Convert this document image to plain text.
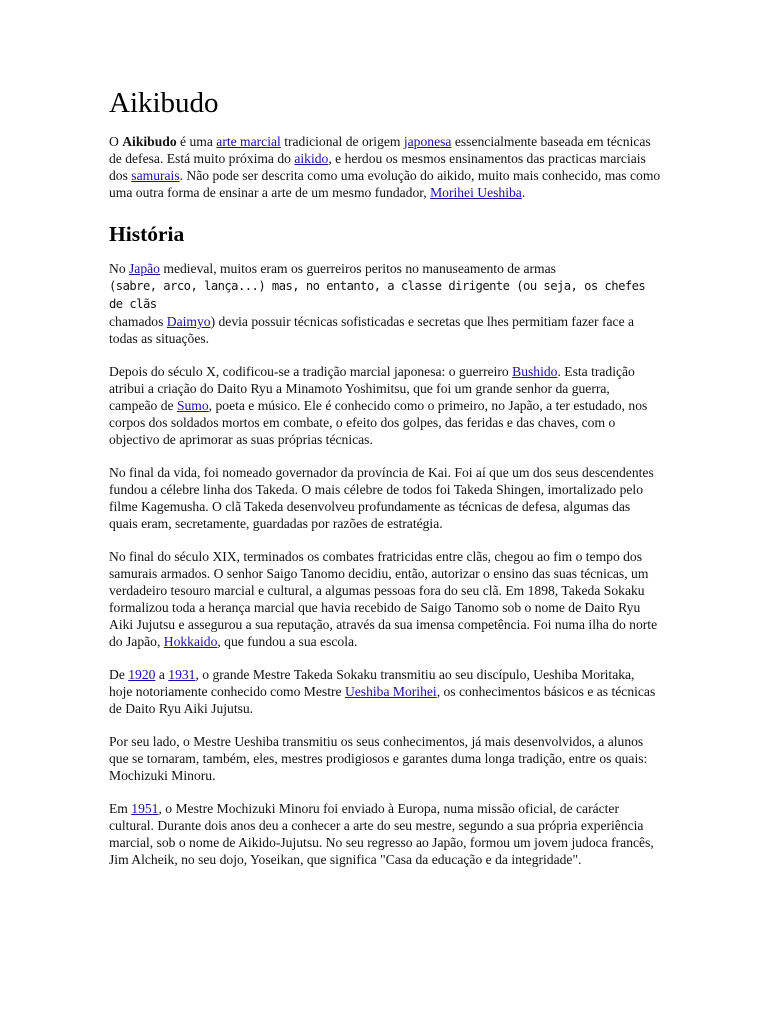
Aikibudo

O Aikibudo é uma arte marcial tradicional de origem japonesa essencialmente baseada em técnicas de defesa. Está muito próxima do aikido, e herdou os mesmos ensinamentos das practicas marciais dos samurais. Não pode ser descrita como uma evolução do aikido, muito mais conhecido, mas como uma outra forma de ensinar a arte de um mesmo fundador, Morihei Ueshiba.

História

No Japão medieval, muitos eram os guerreiros peritos no manuseamento de armas
(sabre, arco, lança...) mas, no entanto, a classe dirigente (ou seja, os chefes de clãs
chamados Daimyo) devia possuir técnicas sofisticadas e secretas que lhes permitiam fazer face a todas as situações.

Depois do século X, codificou-se a tradição marcial japonesa: o guerreiro Bushido. Esta tradição atribui a criação do Daito Ryu a Minamoto Yoshimitsu, que foi um grande senhor da guerra, campeão de Sumo, poeta e músico. Ele é conhecido como o primeiro, no Japão, a ter estudado, nos corpos dos soldados mortos em combate, o efeito dos golpes, das feridas e das chaves, com o objectivo de aprimorar as suas próprias técnicas.

No final da vida, foi nomeado governador da província de Kai. Foi aí que um dos seus descendentes fundou a célebre linha dos Takeda. O mais célebre de todos foi Takeda Shingen, imortalizado pelo filme Kagemusha. O clã Takeda desenvolveu profundamente as técnicas de defesa, algumas das quais eram, secretamente, guardadas por razões de estratégia.

No final do século XIX, terminados os combates fratricidas entre clãs, chegou ao fim o tempo dos samurais armados. O senhor Saigo Tanomo decidiu, então, autorizar o ensino das suas técnicas, um verdadeiro tesouro marcial e cultural, a algumas pessoas fora do seu clã. Em 1898, Takeda Sokaku formalizou toda a herança marcial que havia recebido de Saigo Tanomo sob o nome de Daito Ryu Aiki Jujutsu e assegurou a sua reputação, através da sua imensa competência. Foi numa ilha do norte do Japão, Hokkaido, que fundou a sua escola.

De 1920 a 1931, o grande Mestre Takeda Sokaku transmitiu ao seu discípulo, Ueshiba Moritaka, hoje notoriamente conhecido como Mestre Ueshiba Morihei, os conhecimentos básicos e as técnicas de Daito Ryu Aiki Jujutsu.

Por seu lado, o Mestre Ueshiba transmitiu os seus conhecimentos, já mais desenvolvidos, a alunos que se tornaram, também, eles, mestres prodigiosos e garantes duma longa tradição, entre os quais: Mochizuki Minoru.

Em 1951, o Mestre Mochizuki Minoru foi enviado à Europa, numa missão oficial, de carácter cultural. Durante dois anos deu a conhecer a arte do seu mestre, segundo a sua própria experiência marcial, sob o nome de Aikido-Jujutsu. No seu regresso ao Japão, formou um jovem judoca francês, Jim Alcheik, no seu dojo, Yoseikan, que significa "Casa da educação e da integridade".
